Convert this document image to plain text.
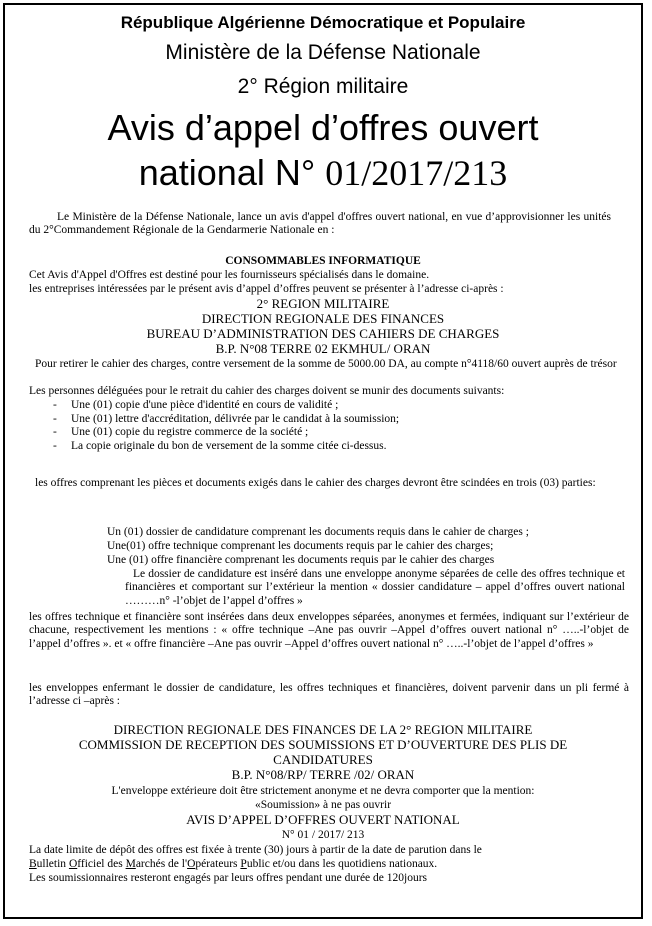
République Algérienne Démocratique et Populaire
Ministère de la Défense Nationale
2° Région militaire
Avis d’appel d’offres ouvert
national N° 01/2017/213
Le Ministère de la Défense Nationale, lance un avis d'appel d'offres ouvert national, en vue d’approvisionner les unités du 2°Commandement Régionale de la Gendarmerie Nationale en :
CONSOMMABLES INFORMATIQUE
Cet Avis d'Appel d'Offres est destiné pour les fournisseurs spécialisés dans le domaine.
les entreprises intéressées par le présent avis d’appel d’offres peuvent se présenter à l’adresse ci-après :
2° REGION MILITAIRE
DIRECTION REGIONALE DES FINANCES
BUREAU D’ADMINISTRATION DES CAHIERS DE CHARGES
B.P. N°08 TERRE 02 EKMHUL/ ORAN
Pour retirer le cahier des charges, contre versement de la somme de 5000.00 DA, au compte n°4118/60 ouvert auprès de trésor
Les personnes déléguées pour le retrait du cahier des charges doivent se munir des documents suivants:
- Une (01) copie d'une pièce d'identité en cours de validité ;
- Une (01) lettre d'accréditation, délivrée par le candidat à la soumission;
- Une (01) copie du registre commerce de la société ;
- La copie originale du bon de versement de la somme citée ci-dessus.
les offres comprenant les pièces et documents exigés dans le cahier des charges devront être scindées en trois (03) parties:
Un (01) dossier de candidature comprenant les documents requis dans le cahier de charges ;
Une(01) offre technique comprenant les documents requis par le cahier des charges;
Une (01) offre financière comprenant les documents requis par le cahier des charges
Le dossier de candidature est inséré dans une enveloppe anonyme séparées de celle des offres technique et financières et comportant sur l’extérieur la mention « dossier candidature – appel d’offres ouvert national ………n° -l’objet de l’appel d’offres »
les offres technique et financière sont insérées dans deux enveloppes séparées, anonymes et fermées, indiquant sur l’extérieur de chacune, respectivement les mentions : « offre technique –Ane pas ouvrir –Appel d’offres ouvert national n° …..-l’objet de l’appel d’offres ». et « offre financière –Ane pas ouvrir –Appel d’offres ouvert national n° …..-l’objet de l’appel d’offres »
les enveloppes enfermant le dossier de candidature, les offres techniques et financières, doivent parvenir dans un pli fermé à l’adresse ci –après :
DIRECTION REGIONALE DES FINANCES DE LA 2° REGION MILITAIRE
COMMISSION DE RECEPTION DES SOUMISSIONS ET D’OUVERTURE DES PLIS DE
CANDIDATURES
B.P. N°08/RP/ TERRE /02/ ORAN
L'enveloppe extérieure doit être strictement anonyme et ne devra comporter que la mention:
«Soumission» à ne pas ouvrir
AVIS D’APPEL D’OFFRES OUVERT NATIONAL
N° 01 / 2017/ 213
La date limite de dépôt des offres est fixée à trente (30) jours à partir de la date de parution dans le
Bulletin Officiel des Marchés de l'Opérateurs Public et/ou dans les quotidiens nationaux.
Les soumissionnaires resteront engagés par leurs offres pendant une durée de 120jours
